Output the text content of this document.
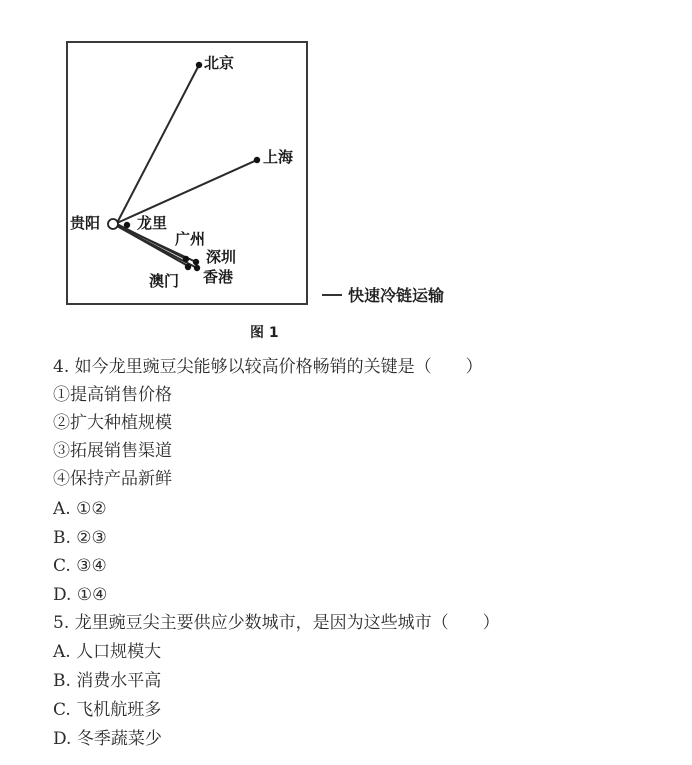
北京
上海
贵阳 龙里
广州
深圳
香港
澳门
快速冷链运输
图 1
4. 如今龙里豌豆尖能够以较高价格畅销的关键是（　　）
①提高销售价格
②扩大种植规模
③拓展销售渠道
④保持产品新鲜
A. ①②
B. ②③
C. ③④
D. ①④
5. 龙里豌豆尖主要供应少数城市，是因为这些城市（　　）
A. 人口规模大
B. 消费水平高
C. 飞机航班多
D. 冬季蔬菜少
